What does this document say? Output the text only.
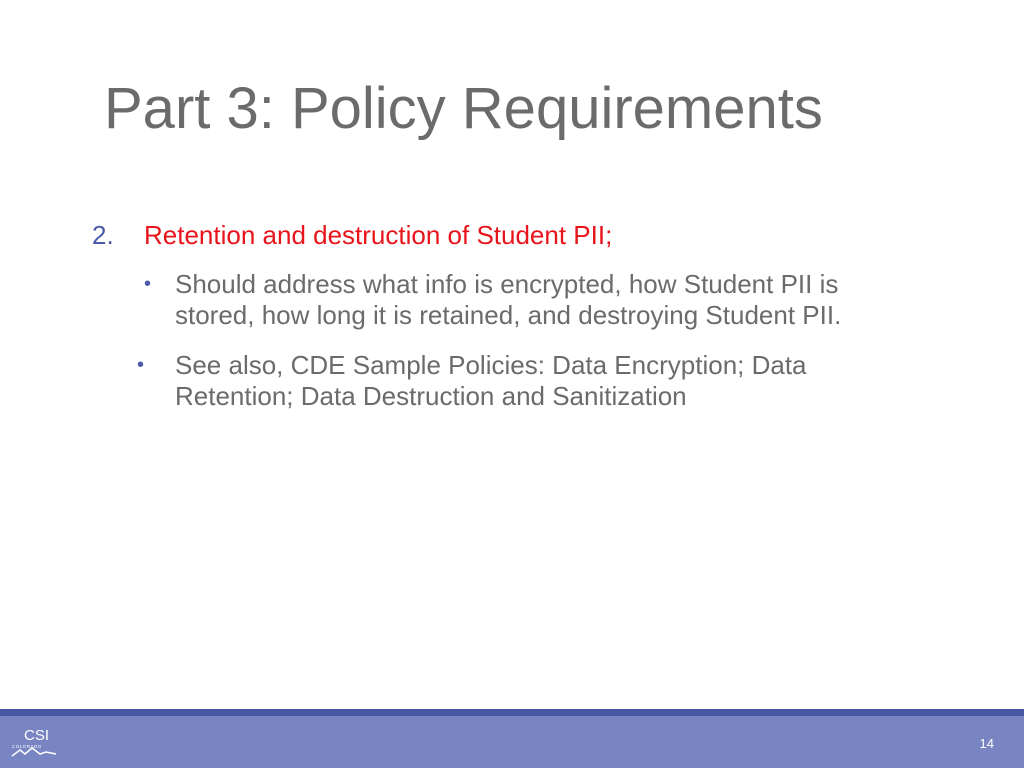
Part 3: Policy Requirements
2. Retention and destruction of Student PII;
• Should address what info is encrypted, how Student PII is
stored, how long it is retained, and destroying Student PII.
• See also, CDE Sample Policies: Data Encryption; Data
Retention; Data Destruction and Sanitization
CSI
COLORADO	14
